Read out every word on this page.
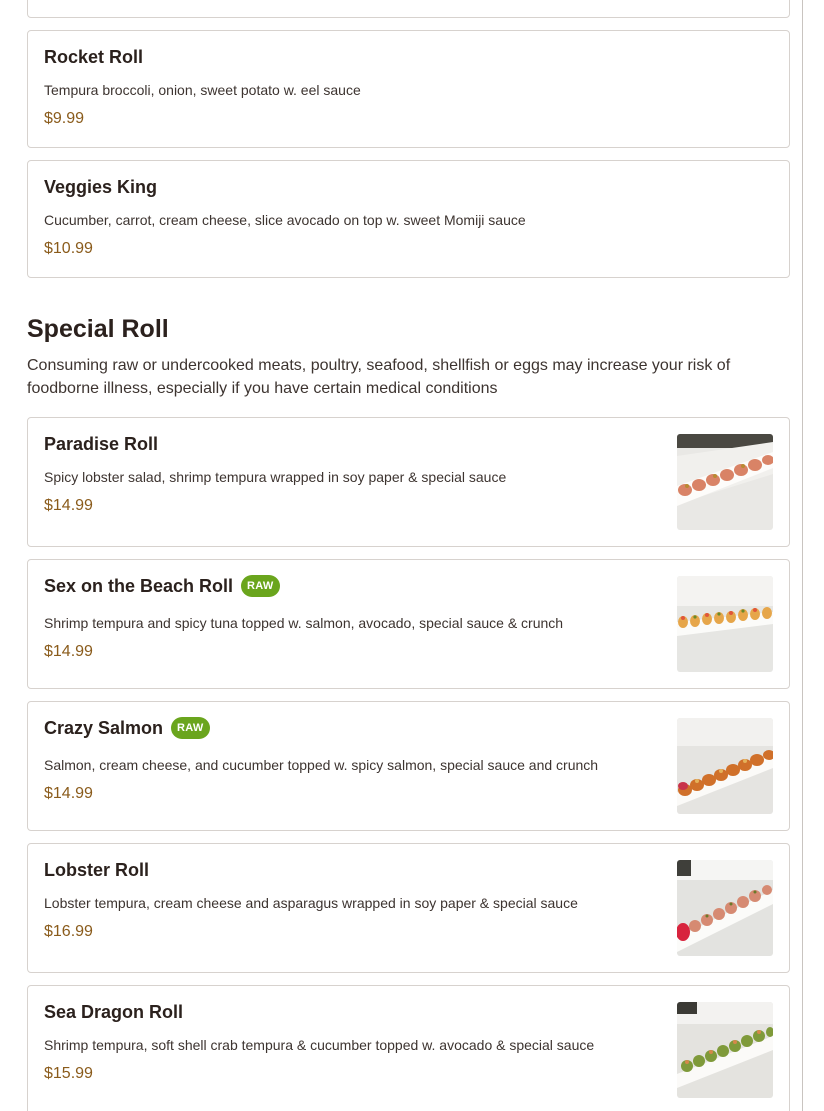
Rocket Roll
Tempura broccoli, onion, sweet potato w. eel sauce
$9.99
Veggies King
Cucumber, carrot, cream cheese, slice avocado on top w. sweet Momiji sauce
$10.99
Special Roll
Consuming raw or undercooked meats, poultry, seafood, shellfish or eggs may increase your risk of foodborne illness, especially if you have certain medical conditions
Paradise Roll
Spicy lobster salad, shrimp tempura wrapped in soy paper & special sauce
$14.99
Sex on the Beach Roll	RAW
Shrimp tempura and spicy tuna topped w. salmon, avocado, special sauce & crunch
$14.99
Crazy Salmon	RAW
Salmon, cream cheese, and cucumber topped w. spicy salmon, special sauce and crunch
$14.99
Lobster Roll
Lobster tempura, cream cheese and asparagus wrapped in soy paper & special sauce
$16.99
Sea Dragon Roll
Shrimp tempura, soft shell crab tempura & cucumber topped w. avocado & special sauce
$15.99
